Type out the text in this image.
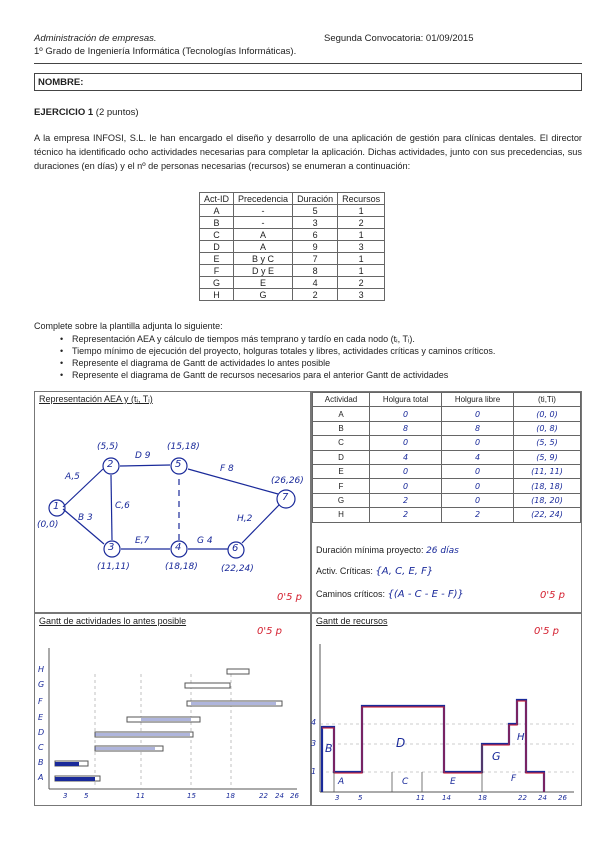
Administración de empresas.	Segunda Convocatoria: 01/09/2015
1º Grado de Ingeniería Informática (Tecnologías Informáticas).
NOMBRE:
EJERCICIO 1 (2 puntos)
A la empresa INFOSI, S.L. le han encargado el diseño y desarrollo de una aplicación de gestión para clínicas dentales. El director técnico ha identificado ocho actividades necesarias para completar la aplicación. Dichas actividades, junto con sus precedencias, sus duraciones (en días) y el nº de personas necesarias (recursos) se enumeran a continuación:
Act-ID	Precedencia	Duración	Recursos
A	-	5	1
B	-	3	2
C	A	6	1
D	A	9	3
E	B y C	7	1
F	D y E	8	1
G	E	4	2
H	G	2	3
Complete sobre la plantilla adjunta lo siguiente:
• Representación AEA y cálculo de tiempos más temprano y tardío en cada nodo (tᵢ, Tᵢ).
• Tiempo mínimo de ejecución del proyecto, holguras totales y libres, actividades críticas y caminos críticos.
• Represente el diagrama de Gantt de actividades lo antes posible
• Represente el diagrama de Gantt de recursos necesarios para el anterior Gantt de actividades
Representación AEA y (tᵢ, Tᵢ)
1
2
3	4
5
6
7
(0,0)
(5,5)
(11,11)	(18,18)
(15,18)
(22,24)
(26,26)
A,5
B 3
C,6
D 9
E,7
F 8
G 4
H,2
0'5 p
Actividad	Holgura total	Holgura libre	(ti,Ti)
A	0	0	(0, 0)
B	8	8	(0, 8)
C	0	0	(5, 5)
D	4	4	(5, 9)
E	0	0	(11, 11)
F	0	0	(18, 18)
G	2	0	(18, 20)
H	2	2	(22, 24)
Duración mínima proyecto: 26 días
Activ. Críticas: {A, C, E, F}
Caminos críticos: {(A - C - E - F)}	0'5 p
Gantt de actividades lo antes posible
0'5 p
H
G
F
E
D
C
B
A
3 5	11	15	18	22 24 26
Gantt de recursos
0'5 p
4
3
1
B
A
D
C	E
G
H
F
3	5	11 14	18	22 24 26
